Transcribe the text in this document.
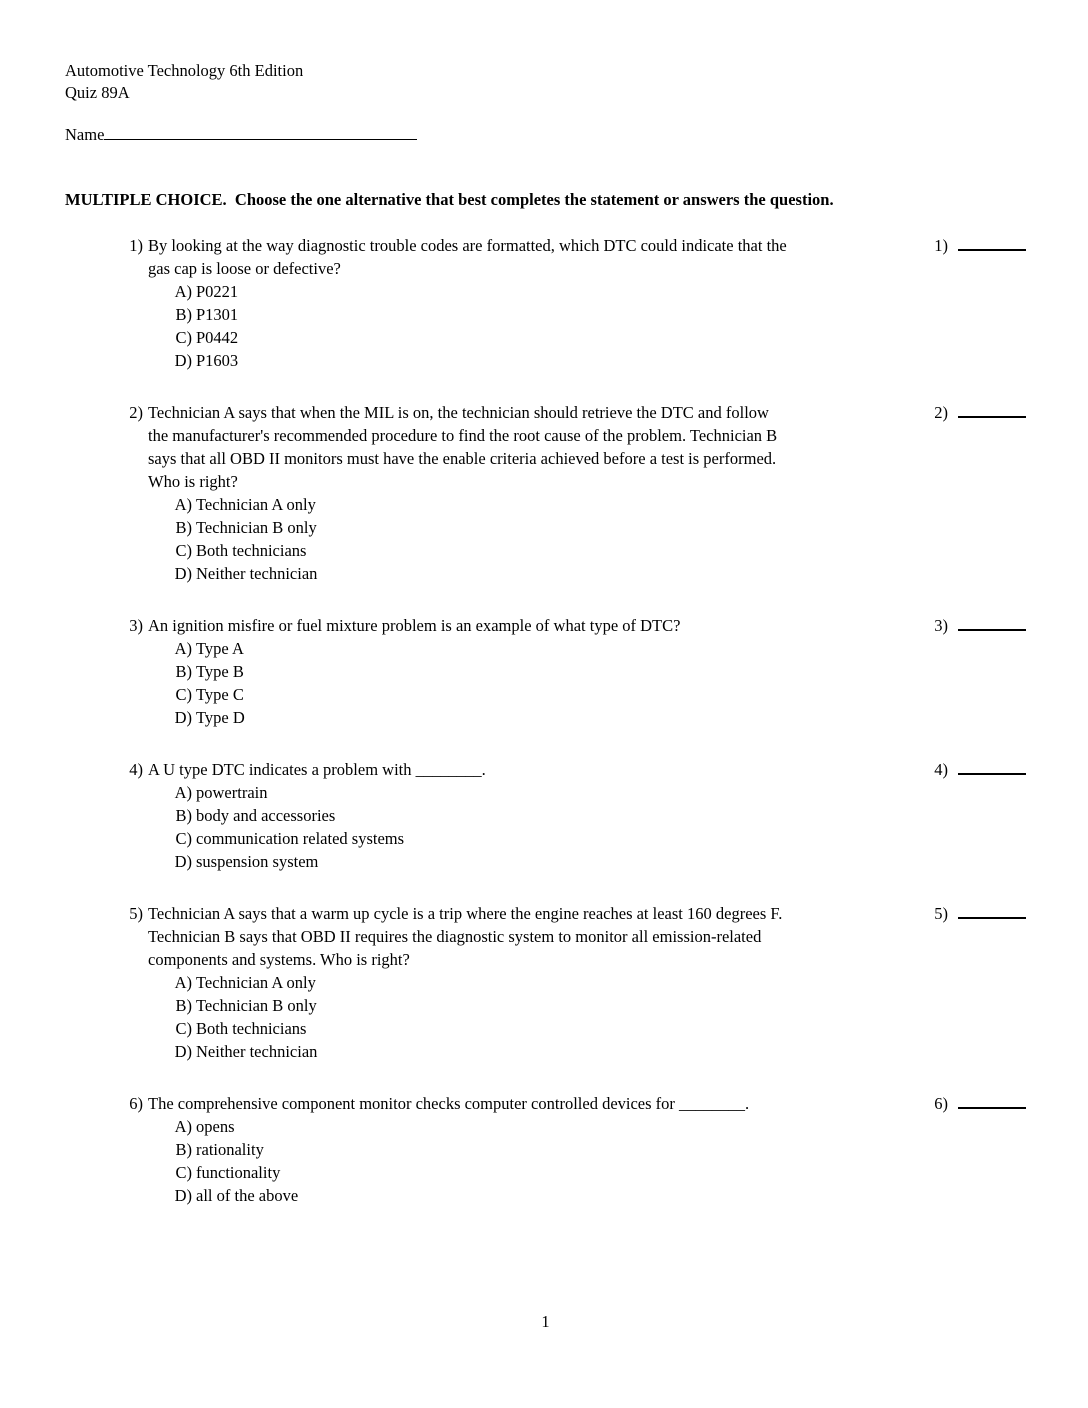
Automotive Technology 6th Edition
Quiz 89A
Name
MULTIPLE CHOICE.  Choose the one alternative that best completes the statement or answers the question.
1) By looking at the way diagnostic trouble codes are formatted, which DTC could indicate that the
gas cap is loose or defective?
A) P0221
B) P1301
C) P0442
D) P1603
1)
2) Technician A says that when the MIL is on, the technician should retrieve the DTC and follow
the manufacturer's recommended procedure to find the root cause of the problem. Technician B
says that all OBD II monitors must have the enable criteria achieved before a test is performed.
Who is right?
A) Technician A only
B) Technician B only
C) Both technicians
D) Neither technician
2)
3) An ignition misfire or fuel mixture problem is an example of what type of DTC?
A) Type A
B) Type B
C) Type C
D) Type D
3)
4) A U type DTC indicates a problem with ________.
A) powertrain
B) body and accessories
C) communication related systems
D) suspension system
4)
5) Technician A says that a warm up cycle is a trip where the engine reaches at least 160 degrees F.
Technician B says that OBD II requires the diagnostic system to monitor all emission-related
components and systems. Who is right?
A) Technician A only
B) Technician B only
C) Both technicians
D) Neither technician
5)
6) The comprehensive component monitor checks computer controlled devices for ________.
A) opens
B) rationality
C) functionality
D) all of the above
6)
1
